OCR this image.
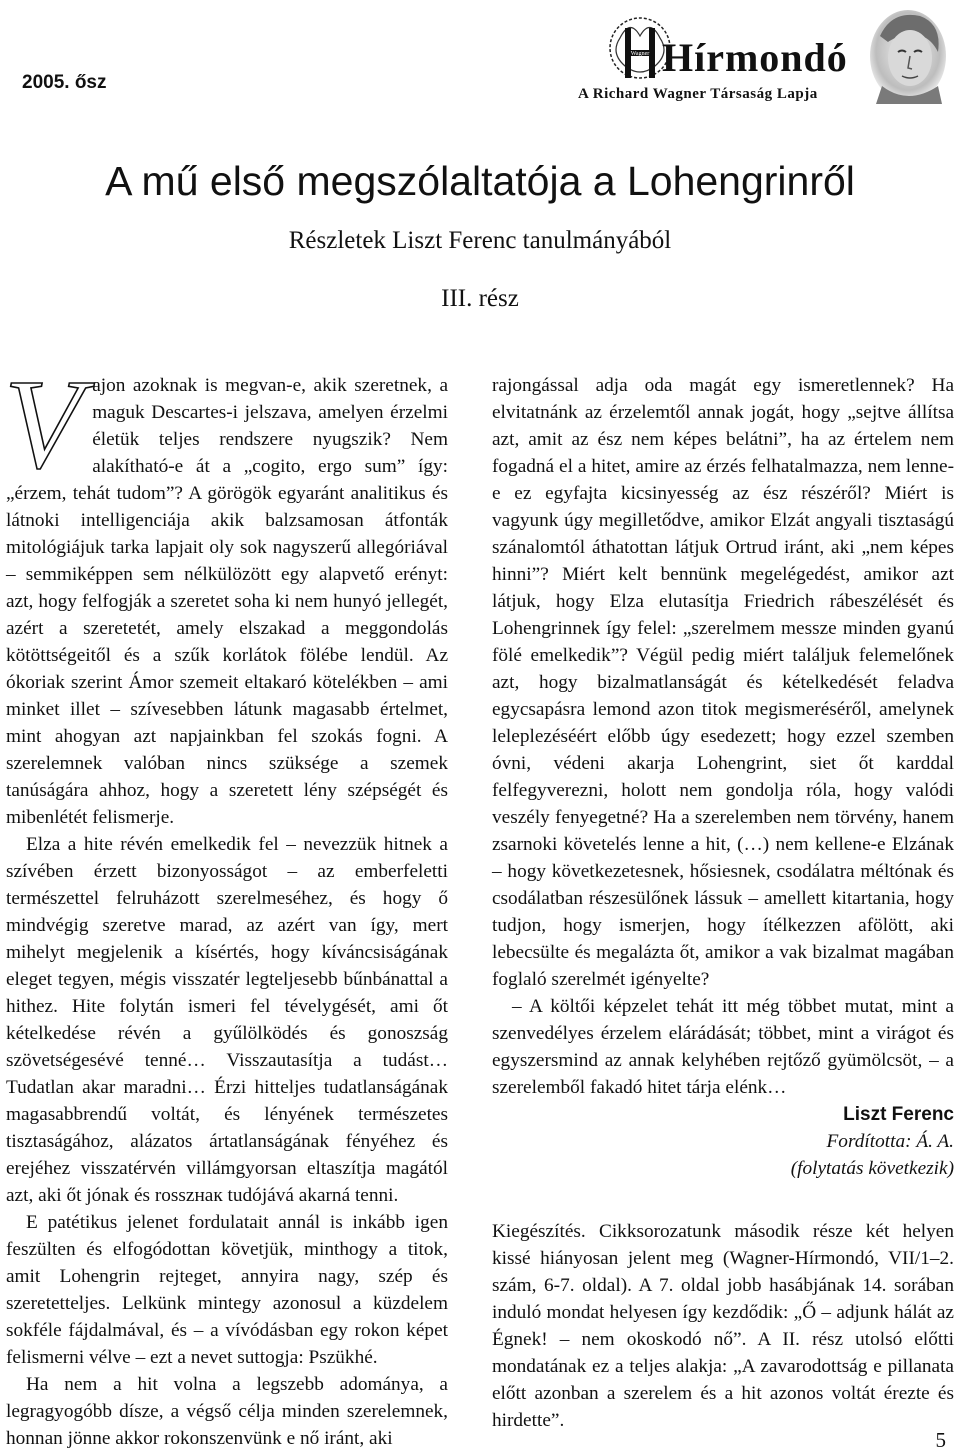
2005. ősz
Wagner Hírmondó
A Richard Wagner Társaság Lapja
A mű első megszólaltatója a Lohengrinről
Részletek Liszt Ferenc tanulmányából
III. rész

Vajon azoknak is megvan-e, akik szeretnek, a maguk Descartes-i jelszava, amelyen érzelmi életük teljes rendszere nyugszik? Nem alakítható-e át a „cogito, ergo sum” így: „érzem, tehát tudom”? A görögök egyaránt analitikus és látnoki intelligenciája akik balzsamosan átfonták mitológiájuk tarka lapjait oly sok nagyszerű allegóriával – semmiképpen sem nélkülözött egy alapvető erényt: azt, hogy felfogják a szeretet soha ki nem hunyó jellegét, azért a szeretetét, amely elszakad a meggondolás kötöttségeitől és a szűk korlátok fölébe lendül. Az ókoriak szerint Ámor szemeit eltakaró kötelékben – ami minket illet – szívesebben látunk magasabb értelmet, mint ahogyan azt napjainkban fel szokás fogni. A szerelemnek valóban nincs szüksége a szemek tanúságára ahhoz, hogy a szeretett lény szépségét és mibenlétét felismerje.

Elza a hite révén emelkedik fel – nevezzük hitnek a szívében érzett bizonyosságot – az emberfeletti természettel felruházott szerelmeséhez, és hogy ő mindvégig szeretve marad, az azért van így, mert mihelyt megjelenik a kísértés, hogy kíváncsiságának eleget tegyen, mégis visszatér legteljesebb bűnbánattal a hithez. Hite folytán ismeri fel tévelygését, ami őt kételkedése révén a gyűlölködés és gonoszság szövetségesévé tenné… Visszautasítja a tudást… Tudatlan akar maradni… Érzi hitteljes tudatlanságának magasabbrendű voltát, és lényének természetes tisztaságához, alázatos ártatlanságának fényéhez és erejéhez visszatérvén villámgyorsan eltaszítja magától azt, aki őt jónak és rosszнак tudójává akarná tenni.

E patétikus jelenet fordulatait annál is inkább igen feszülten és elfogódottan követjük, minthogy a titok, amit Lohengrin rejteget, annyira nagy, szép és szeretetteljes. Lelkünk mintegy azonosul a küzdelem sokféle fájdalmával, és – a vívódásban egy rokon képet felismerni vélve – ezt a nevet suttogja: Pszükhé.

Ha nem a hit volna a legszebb adománya, a legragyogóbb dísze, a végső célja minden szerelemnek, honnan jönne akkor rokonszenvünk e nő iránt, aki

rajongással adja oda magát egy ismeretlennek? Ha elvitatnánk az érzelemtől annak jogát, hogy „sejtve állítsa azt, amit az ész nem képes belátni”, ha az értelem nem fogadná el a hitet, amire az érzés felhatalmazza, nem lenne-e ez egyfajta kicsinyesség az ész részéről? Miért is vagyunk úgy megilletődve, amikor Elzát angyali tisztaságú szánalomtól áthatottan látjuk Ortrud iránt, aki „nem képes hinni”? Miért kelt bennünk megelégedést, amikor azt látjuk, hogy Elza elutasítja Friedrich rábeszélését és Lohengrinnek így felel: „szerelmem messze minden gyanú fölé emelkedik”? Végül pedig miért találjuk felemelőnek azt, hogy bizalmatlanságát és kételkedését feladva egycsapásra lemond azon titok megismeréséről, amelynek leleplezéséért előbb úgy esedezett; hogy ezzel szemben óvni, védeni akarja Lohengrint, siet őt karddal felfegyverezni, holott nem gondolja róla, hogy valódi veszély fenyegetné? Ha a szerelemben nem törvény, hanem zsarnoki követelés lenne a hit, (…) nem kellene-e Elzának – hogy következetesnek, hősiesnek, csodálatra méltónak és csodálatban részesülőnek lássuk – amellett kitartania, hogy tudjon, hogy ismerjen, hogy ítélkezzen afölött, aki lebecsülte és megalázta őt, amikor a vak bizalmat magában foglaló szerelmét igényelte?

– A költői képzelet tehát itt még többet mutat, mint a szenvedélyes érzelem elárádását; többet, mint a virágot és egyszersmind az annak kelyhében rejtőző gyümölcsöt, – a szerelemből fakadó hitet tárja elénk…

Liszt Ferenc

Fordította: Á. A.

(folytatás következik)

Kiegészítés. Cikksorozatunk második része két helyen kissé hiányosan jelent meg (Wagner-Hírmondó, VII/1–2. szám, 6-7. oldal). A 7. oldal jobb hasábjának 14. sorában induló mondat helyesen így kezdődik: „Ő – adjunk hálát az Égnek! – nem okoskodó nő”. A II. rész utolsó előtti mondatának ez a teljes alakja: „A zavarodottság e pillanata előtt azonban a szerelem és a hit azonos voltát érezte és hirdette”.

5
